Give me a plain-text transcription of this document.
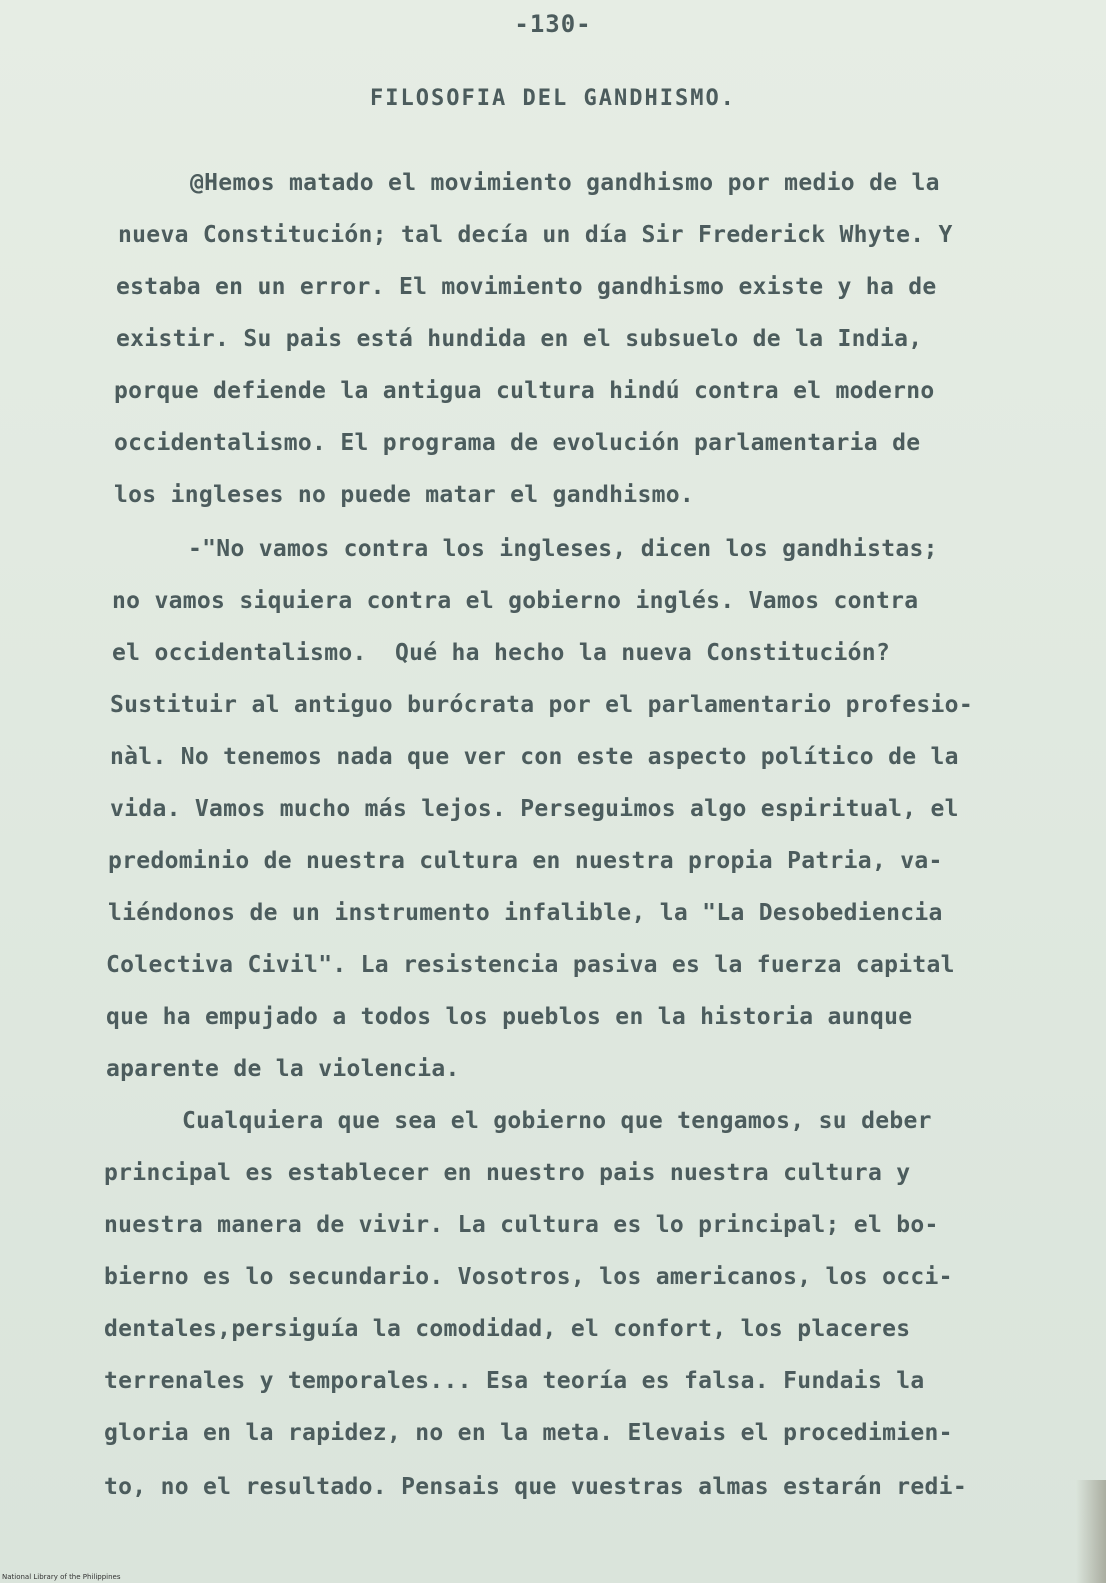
-130-
FILOSOFIA DEL GANDHISMO.
@Hemos matado el movimiento gandhismo por medio de la
nueva Constitución; tal decía un día Sir Frederick Whyte. Y
estaba en un error. El movimiento gandhismo existe y ha de
existir. Su pais está hundida en el subsuelo de la India,
porque defiende la antigua cultura hindú contra el moderno
occidentalismo. El programa de evolución parlamentaria de
los ingleses no puede matar el gandhismo.
-"No vamos contra los ingleses, dicen los gandhistas;
no vamos siquiera contra el gobierno inglés. Vamos contra
el occidentalismo.  Qué ha hecho la nueva Constitución?
Sustituir al antiguo burócrata por el parlamentario profesio-
nàl. No tenemos nada que ver con este aspecto político de la
vida. Vamos mucho más lejos. Perseguimos algo espiritual, el
predominio de nuestra cultura en nuestra propia Patria, va-
liéndonos de un instrumento infalible, la "La Desobediencia
Colectiva Civil". La resistencia pasiva es la fuerza capital
que ha empujado a todos los pueblos en la historia aunque
aparente de la violencia.
Cualquiera que sea el gobierno que tengamos, su deber
principal es establecer en nuestro pais nuestra cultura y
nuestra manera de vivir. La cultura es lo principal; el bo-
bierno es lo secundario. Vosotros, los americanos, los occi-
dentales,persiguía la comodidad, el confort, los placeres
terrenales y temporales... Esa teoría es falsa. Fundais la
gloria en la rapidez, no en la meta. Elevais el procedimien-
to, no el resultado. Pensais que vuestras almas estarán redi-
National Library of the Philippines
